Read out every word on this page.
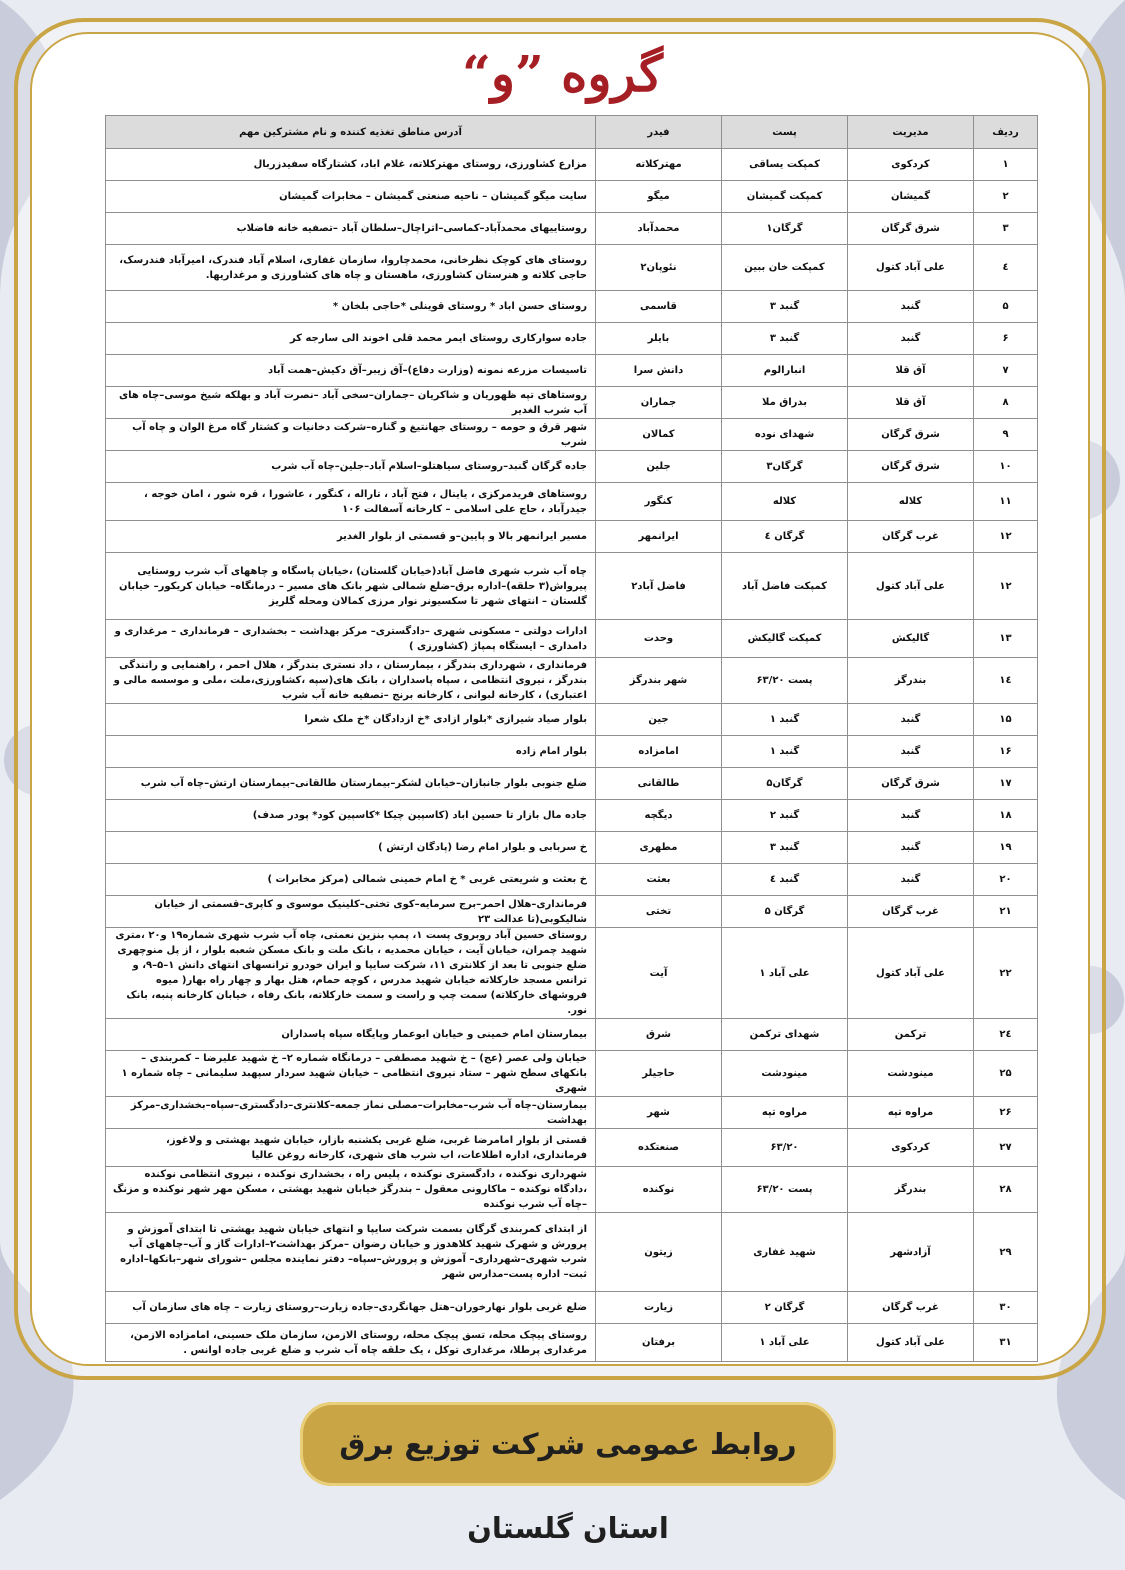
گروه ”و“
ردیف	مدیریت	پست	فیدر	آدرس مناطق تغذیه کننده و نام مشترکین مهم
۱	کردکوی	کمپکت یساقی	مهترکلاته	مزارع کشاورزی، روستای مهترکلاته، غلام اباد، کشتارگاه سفیدزربال
۲	گمیشان	کمپکت گمیشان	میگو	سایت میگو گمیشان – ناحیه صنعتی گمیشان – مخابرات گمیشان
۳	شرق گرگان	گرگان۱	محمدآباد	روستاییهای محمدآباد–کماسی–اتراچال–سلطان آباد –تصفیه خانه فاضلاب
٤	علی آباد کتول	کمپکت خان ببین	نئوپان۲	روستای های کوچک نظرخانی، محمدچاروا، سازمان غفاری، اسلام آباد فندرک، امیرآباد فندرسک، حاجی کلاته و هنرستان کشاورزی، ماهستان و چاه های کشاورزی و مرغداریها.
۵	گنبد	گنبد ۳	قاسمی	روستای حسن اباد * روستای قوینلی *حاجی بلخان *
۶	گنبد	گنبد ۳	بایلر	جاده سوارکاری روستای ایمر محمد قلی اخوند الی سارجه کر
۷	آق قلا	انبارالوم	دانش سرا	تاسیسات مزرعه نمونه (وزارت دفاع)–آق زیبر–آق دکیش–همت آباد
۸	آق قلا	بدراق ملا	جماران	روستاهای تپه ظهوریان و شاکریان –جماران–سخی آباد –نصرت آباد و بهلکه شیخ موسی–چاه های آب شرب الغدیر
۹	شرق گرگان	شهدای نوده	کمالان	شهر قرق و حومه – روستای جهانتیغ و گناره–شرکت دخانیات و کشتار گاه مرغ الوان و چاه آب شرب
۱۰	شرق گرگان	گرگان۳	جلین	جاده گرگان گنبد–روستای سیاهتلو–اسلام آباد–جلین–چاه آب شرب
۱۱	کلاله	کلاله	کنگور	روستاهای فریدمرکزی ، یاینال ، فتح آباد ، تاراله ، کنگور ، عاشورا ، قره شور ، امان خوجه ، جیدرآباد ، حاج علی اسلامی – کارخانه آسفالت ۱۰۶
۱۲	غرب گرگان	گرگان ٤	ایرانمهر	مسیر ایرانمهر بالا و پایین–و قسمتی از بلوار الغدیر
۱۲	علی آباد کتول	کمپکت فاضل آباد	فاضل آباد۲	چاه آب شرب شهری فاضل آباد(خیابان گلستان) ،خیابان پاسگاه و چاههای آب شرب روستایی پیرواش(۳ حلقه)–اداره برق–ضلع شمالی شهر بانک های مسیر – درمانگاه– خیابان کریکور– خیابان گلستان – انتهای شهر تا سکسیونر نوار مرزی کمالان ومحله گلریز
۱۳	گالیکش	کمپکت گالیکش	وحدت	ادارات دولتی – مسکونی شهری –دادگستری– مرکز بهداشت – بخشداری – فرمانداری – مرغداری و دامداری – ایستگاه پمپاژ (کشاورزی )
۱٤	بندرگز	پست ۶۳/۲۰	شهر بندرگز	فرمانداری ، شهرداری بندرگز ، بیمارستان ، داد نستری بندرگز ، هلال احمر ، راهنمایی و رانندگی بندرگز ، نیروی انتظامی ، سپاه پاسداران ، بانک های(سپه ،کشاورزی،ملت ،ملی و موسسه مالی و اعتباری) ، کارخانه لبوانی ، کارخانه برنج –تصفیه خانه آب شرب
۱۵	گنبد	گنبد ۱	جین	بلوار صیاد شیرازی *بلوار ازادی *خ ازدادگان *خ ملک شعرا
۱۶	گنبد	گنبد ۱	امامزاده	بلوار امام زاده
۱۷	شرق گرگان	گرگان۵	طالقانی	ضلع جنوبی بلوار جانبازان–خیابان لشکر–بیمارستان طالقانی–بیمارستان ارتش–چاه آب شرب
۱۸	گنبد	گنبد ۲	دیگچه	جاده مال بازار تا حسین اباد (کاسپین چیکا *کاسپین کود* پودر صدف)
۱۹	گنبد	گنبد ۳	مطهری	خ سربابی و بلوار امام رضا (پادگان ارتش )
۲۰	گنبد	گنبد ٤	بعثت	خ بعثت و شریعتی غربی * خ امام خمینی شمالی (مرکز مخابرات )
۲۱	غرب گرگان	گرگان ۵	تختی	فرمانداری–هلال احمر–برج سرمایه–کوی تختی–کلینیک موسوی و کاپری–قسمتی از خیابان شالیکوبی(تا عدالت ۲۳
۲۲	علی آباد کتول	علی آباد ۱	آیت	روستای حسین آباد روبروی پست ۱، پمپ بنزین نعمتی، چاه آب شرب شهری شماره۱۹ و۲۰ ،متری شهید چمران، خیابان آیت ، خیابان محمدیه ، بانک ملت و بانک مسکن شعبه بلوار ، از پل منوچهری ضلع جنوبی تا بعد از کلانتری ۱۱، شرکت سایپا و ایران خودرو ترانسهای انتهای دانش ۱–۵–۹، و ترانس مسجد خارکلاته خیابان شهید مدرس ، کوچه حمام، هتل بهار و چهار راه بهار( میوه فروشهای خارکلاته) سمت چپ و راست و سمت خارکلاته، بانک رفاه ، خیابان کارخانه پنبه، بانک نور.
۲٤	ترکمن	شهدای ترکمن	شرق	بیمارستان امام خمینی و خیابان ابوعمار وپایگاه سپاه پاسداران
۲۵	مینودشت	مینودشت	حاجیلر	خیابان ولی عصر (عج) – خ شهید مصطفی – درمانگاه شماره ۲– خ شهید علیرضا – کمربندی – بانکهای سطح شهر – ستاد نیروی انتظامی – خیابان شهید سردار سپهبد سلیمانی – چاه شماره ۱ شهری
۲۶	مراوه تپه	مراوه تپه	شهر	بیمارستان–چاه آب شرب–مخابرات–مصلی نماز جمعه–کلانتری–دادگستری–سپاه–بخشداری–مرکز بهداشت
۲۷	کردکوی	۶۳/۲۰	صنعتکده	قستی از بلوار امامرضا غربی، ضلع غربی یکشنبه بازار، خیابان شهید بهشتی و ولاغوز، فرمانداری، اداره اطلاعات، اب شرب های شهری، کارخانه روغن عالیا
۲۸	بندرگز	پست ۶۳/۲۰	نوکنده	شهرداری نوکنده ، دادگستری نوکنده ، پلیس راه ، بخشداری نوکنده ، نیروی انتظامی نوکنده ،دادگاه نوکنده – ماکارونی معقول – بندرگز خیابان شهید بهشتی ، مسکن مهر شهر نوکنده و مزنگ –چاه آب شرب نوکنده
۲۹	آزادشهر	شهید غفاری	زیتون	از ابتدای کمربندی گرگان بسمت شرکت سایپا و انتهای خیابان شهید بهشتی تا ابتدای آموزش و پرورش و شهرک شهید کلاهدوز و خیابان رضوان –مرکز بهداشت۲–ادارات گاز و آب–چاههای آب شرب شهری–شهرداری– آموزش و پرورش–سپاه– دفتر نماینده مجلس –شورای شهر–بانکها–اداره ثبت– اداره پست–مدارس شهر
۳۰	غرب گرگان	گرگان ۲	زیارت	ضلع غربی بلوار نهارخوران–هتل جهانگردی–جاده زیارت–روستای زیارت – چاه های سازمان آب
۳۱	علی آباد کتول	علی آباد ۱	برفتان	روستای پیچک محله، تسق پیچک محله، روستای الازمن، سازمان ملک حسینی، امامزاده الازمن، مرغداری پرطلا، مرغداری توکل ، یک حلقه چاه آب شرب و ضلع غربی جاده اوانس .
روابط عمومی شرکت توزیع برق استان گلستان
